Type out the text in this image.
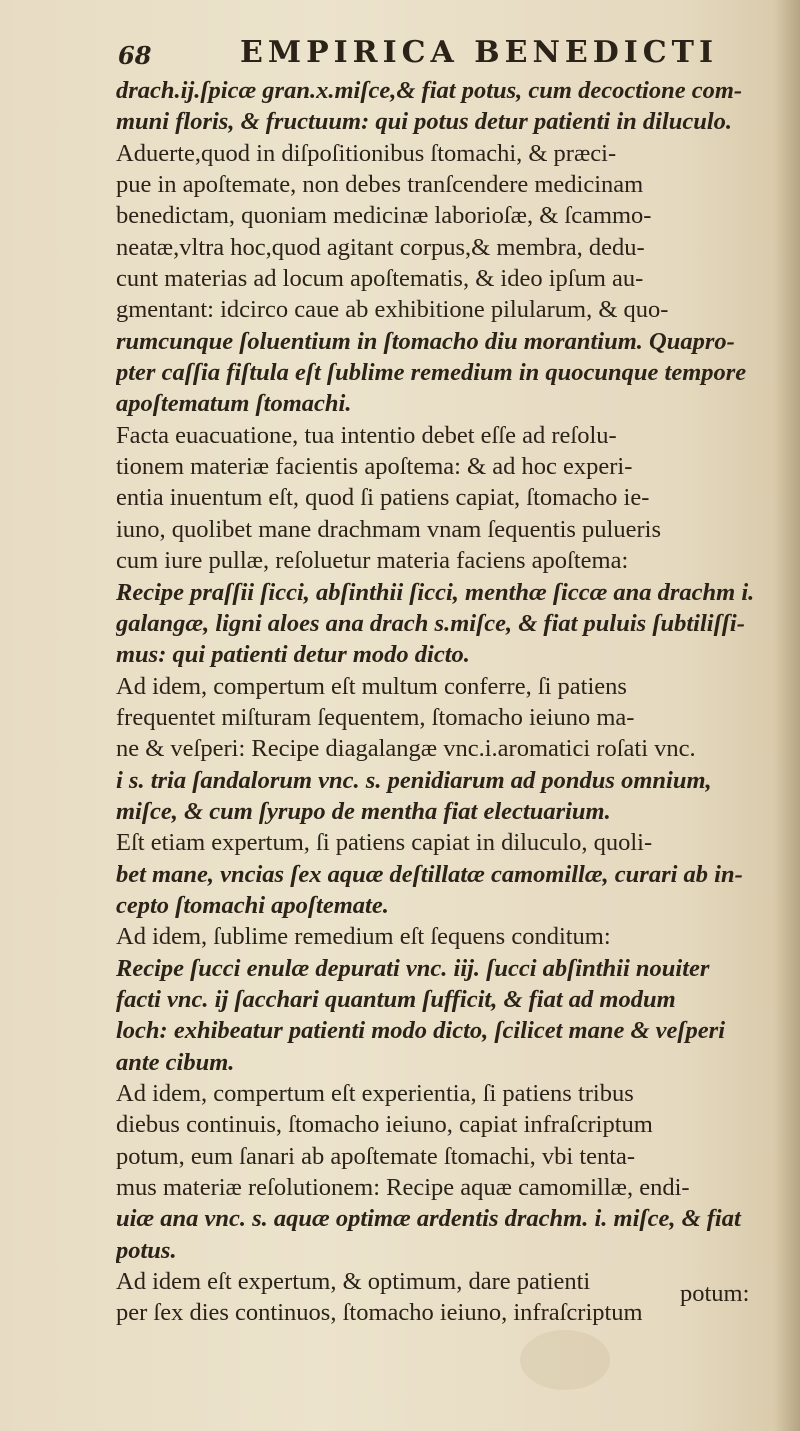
68	EMPIRICA BENEDICTI
drach.ij.ſpicæ gran.x.miſce,& fiat potus, cum decoctione com-
muni floris, & fructuum: qui potus detur patienti in diluculo.
Aduerte,quod in diſpoſitionibus ſtomachi, & præci-
pue in apoſtemate, non debes tranſcendere medicinam
benedictam, quoniam medicinæ laborioſæ, & ſcammo-
neatæ,vltra hoc,quod agitant corpus,& membra, dedu-
cunt materias ad locum apoſtematis, & ideo ipſum au-
gmentant: idcirco caue ab exhibitione pilularum, & quo-
rumcunque ſoluentium in ſtomacho diu morantium. Quapro-
pter caſſia fiſtula eſt ſublime remedium in quocunque tempore
apoſtematum ſtomachi.
Facta euacuatione, tua intentio debet eſſe ad reſolu-
tionem materiæ facientis apoſtema: & ad hoc experi-
entia inuentum eſt, quod ſi patiens capiat, ſtomacho ie-
iuno, quolibet mane drachmam vnam ſequentis pulueris
cum iure pullæ, reſoluetur materia faciens apoſtema:
Recipe praſſii ſicci, abſinthii ſicci, menthæ ſiccæ ana drachm i.
galangæ, ligni aloes ana drach s.miſce, & fiat puluis ſubtiliſſi-
mus: qui patienti detur modo dicto.
Ad idem, compertum eſt multum conferre, ſi patiens
frequentet miſturam ſequentem, ſtomacho ieiuno ma-
ne & veſperi: Recipe diagalangæ vnc.i.aromatici roſati vnc.
i s. tria ſandalorum vnc. s. penidiarum ad pondus omnium,
miſce, & cum ſyrupo de mentha fiat electuarium.
Eſt etiam expertum, ſi patiens capiat in diluculo, quoli-
bet mane, vncias ſex aquæ deſtillatæ camomillæ, curari ab in-
cepto ſtomachi apoſtemate.
Ad idem, ſublime remedium eſt ſequens conditum:
Recipe ſucci enulæ depurati vnc. iij. ſucci abſinthii nouiter
facti vnc. ij ſacchari quantum ſufficit, & fiat ad modum
loch: exhibeatur patienti modo dicto, ſcilicet mane & veſperi
ante cibum.
Ad idem, compertum eſt experientia, ſi patiens tribus
diebus continuis, ſtomacho ieiuno, capiat infraſcriptum
potum, eum ſanari ab apoſtemate ſtomachi, vbi tenta-
mus materiæ reſolutionem: Recipe aquæ camomillæ, endi-
uiæ ana vnc. s. aquæ optimæ ardentis drachm. i. miſce, & fiat
potus.
Ad idem eſt expertum, & optimum, dare patienti
per ſex dies continuos, ſtomacho ieiuno, infraſcriptum
potum:
